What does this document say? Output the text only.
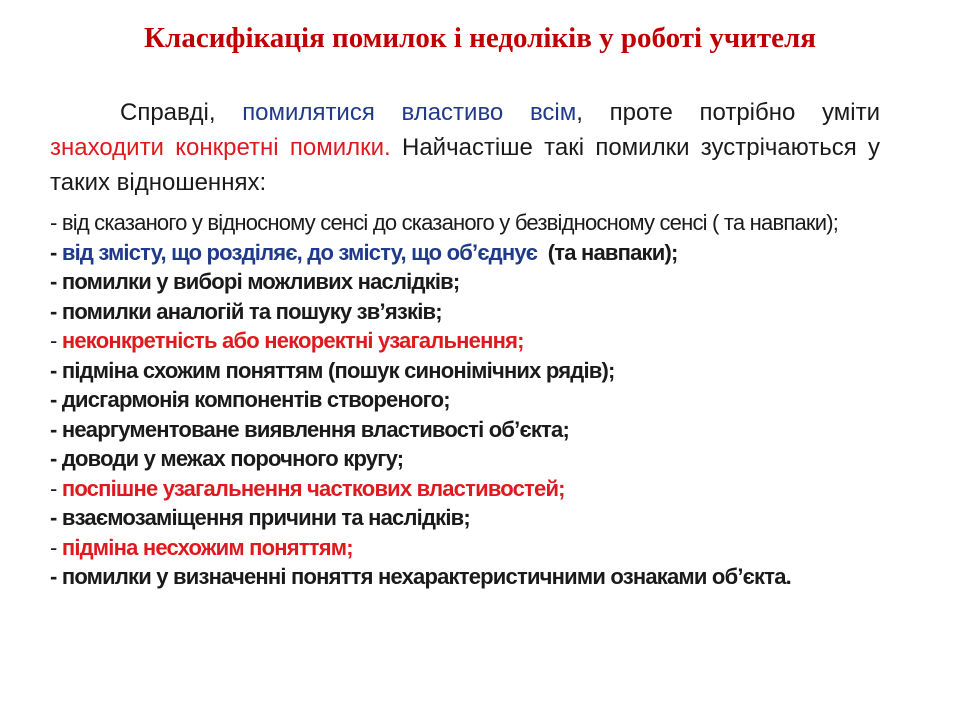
Класифікація помилок і недоліків у роботі учителя
Справді, помилятися властиво всім, проте потрібно уміти знаходити конкретні помилки. Найчастіше такі помилки зустрічаються у таких відношеннях:
- від сказаного у відносному сенсі до сказаного у безвідносному сенсі ( та навпаки);
- від змісту, що розділяє, до змісту, що об’єднує  (та навпаки);
- помилки у виборі можливих наслідків;
- помилки аналогій та пошуку зв’язків;
- неконкретність або некоректні узагальнення;
- підміна схожим поняттям (пошук синонімічних рядів);
- дисгармонія компонентів створеного;
- неаргументоване виявлення властивості об’єкта;
- доводи у межах порочного кругу;
- поспішне узагальнення часткових властивостей;
- взаємозаміщення причини та наслідків;
- підміна несхожим поняттям;
- помилки у визначенні поняття нехарактеристичними ознаками об’єкта.
